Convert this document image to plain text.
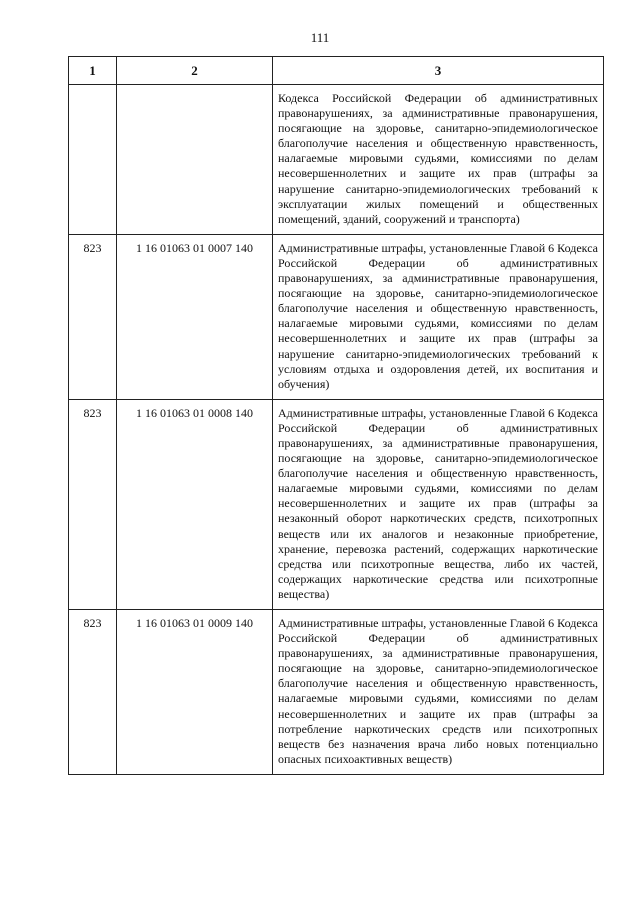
111
1	2	3
		Кодекса Российской Федерации об административных правонарушениях, за административные правонарушения, посягающие на здоровье, санитарно-эпидемиологическое благополучие населения и общественную нравственность, налагаемые мировыми судьями, комиссиями по делам несовершеннолетних и защите их прав (штрафы за нарушение санитарно-эпидемиологических требований к эксплуатации жилых помещений и общественных помещений, зданий, сооружений и транспорта)
823	1 16 01063 01 0007 140	Административные штрафы, установленные Главой 6 Кодекса Российской Федерации об административных правонарушениях, за административные правонарушения, посягающие на здоровье, санитарно-эпидемиологическое благополучие населения и общественную нравственность, налагаемые мировыми судьями, комиссиями по делам несовершеннолетних и защите их прав (штрафы за нарушение санитарно-эпидемиологических требований к условиям отдыха и оздоровления детей, их воспитания и обучения)
823	1 16 01063 01 0008 140	Административные штрафы, установленные Главой 6 Кодекса Российской Федерации об административных правонарушениях, за административные правонарушения, посягающие на здоровье, санитарно-эпидемиологическое благополучие населения и общественную нравственность, налагаемые мировыми судьями, комиссиями по делам несовершеннолетних и защите их прав (штрафы за незаконный оборот наркотических средств, психотропных веществ или их аналогов и незаконные приобретение, хранение, перевозка растений, содержащих наркотические средства или психотропные вещества, либо их частей, содержащих наркотические средства или психотропные вещества)
823	1 16 01063 01 0009 140	Административные штрафы, установленные Главой 6 Кодекса Российской Федерации об административных правонарушениях, за административные правонарушения, посягающие на здоровье, санитарно-эпидемиологическое благополучие населения и общественную нравственность, налагаемые мировыми судьями, комиссиями по делам несовершеннолетних и защите их прав (штрафы за потребление наркотических средств или психотропных веществ без назначения врача либо новых потенциально опасных психоактивных веществ)
